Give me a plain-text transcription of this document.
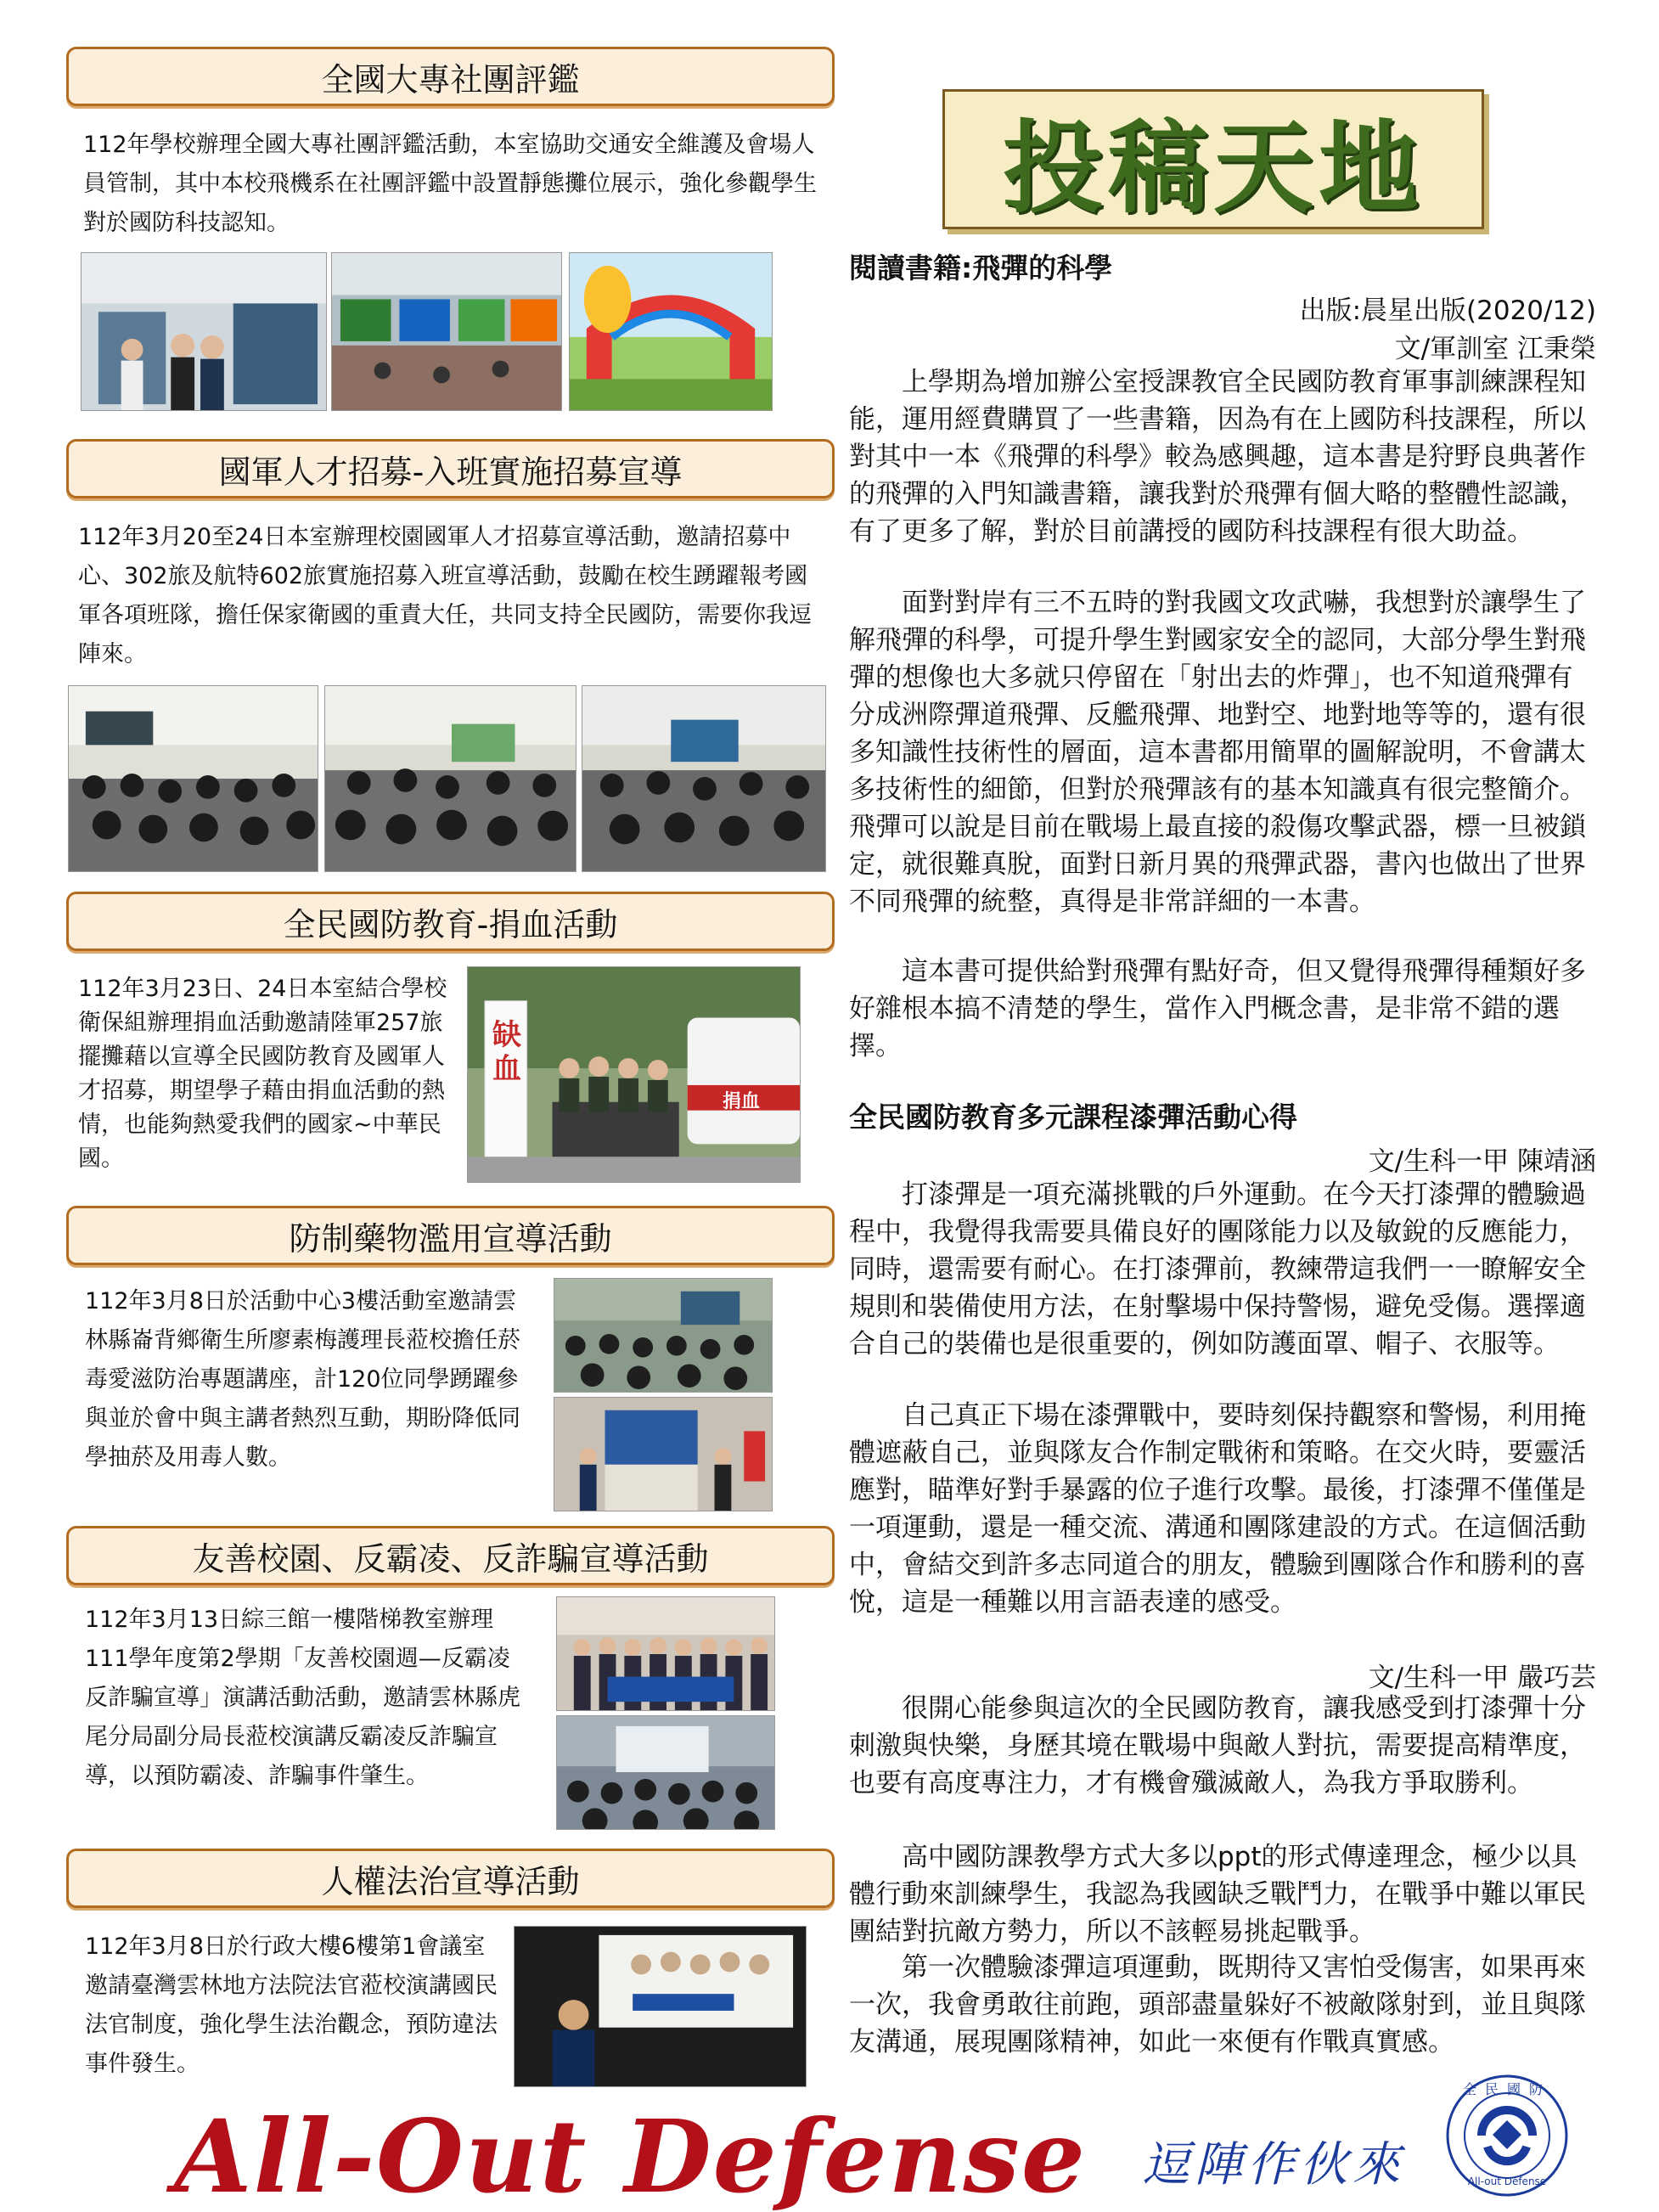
全國大專社團評鑑
112年學校辦理全國大專社團評鑑活動，本室協助交通安全維護及會場人員管制，其中本校飛機系在社團評鑑中設置靜態攤位展示，強化參觀學生對於國防科技認知。
國軍人才招募-入班實施招募宣導
112年3月20至24日本室辦理校園國軍人才招募宣導活動，邀請招募中心、302旅及航特602旅實施招募入班宣導活動，鼓勵在校生踴躍報考國軍各項班隊，擔任保家衛國的重責大任，共同支持全民國防，需要你我逗陣來。
全民國防教育-捐血活動
112年3月23日、24日本室結合學校衛保組辦理捐血活動邀請陸軍257旅擺攤藉以宣導全民國防教育及國軍人才招募，期望學子藉由捐血活動的熱情，也能夠熱愛我們的國家~中華民國。
缺血
捐血
防制藥物濫用宣導活動
112年3月8日於活動中心3樓活動室邀請雲林縣崙背鄉衛生所廖素梅護理長蒞校擔任菸毒愛滋防治專題講座，計120位同學踴躍參與並於會中與主講者熱烈互動，期盼降低同學抽菸及用毒人數。
友善校園、反霸凌、反詐騙宣導活動
112年3月13日綜三館一樓階梯教室辦理111學年度第2學期「友善校園週—反霸凌反詐騙宣導」演講活動活動，邀請雲林縣虎尾分局副分局長蒞校演講反霸凌反詐騙宣導，以預防霸凌、詐騙事件肇生。
人權法治宣導活動
112年3月8日於行政大樓6樓第1會議室邀請臺灣雲林地方法院法官蒞校演講國民法官制度，強化學生法治觀念，預防違法事件發生。
投稿天地
閱讀書籍:飛彈的科學
出版:晨星出版(2020/12)
文/軍訓室 江秉榮
上學期為增加辦公室授課教官全民國防教育軍事訓練課程知能，運用經費購買了一些書籍，因為有在上國防科技課程，所以對其中一本《飛彈的科學》較為感興趣，這本書是狩野良典著作的飛彈的入門知識書籍，讓我對於飛彈有個大略的整體性認識，有了更多了解，對於目前講授的國防科技課程有很大助益。
面對對岸有三不五時的對我國文攻武嚇，我想對於讓學生了解飛彈的科學，可提升學生對國家安全的認同，大部分學生對飛彈的想像也大多就只停留在「射出去的炸彈」，也不知道飛彈有分成洲際彈道飛彈、反艦飛彈、地對空、地對地等等的，還有很多知識性技術性的層面，這本書都用簡單的圖解說明，不會講太多技術性的細節，但對於飛彈該有的基本知識真有很完整簡介。飛彈可以說是目前在戰場上最直接的殺傷攻擊武器，標一旦被鎖定，就很難真脫，面對日新月異的飛彈武器，書內也做出了世界不同飛彈的統整，真得是非常詳細的一本書。
這本書可提供給對飛彈有點好奇，但又覺得飛彈得種類好多好雜根本搞不清楚的學生，當作入門概念書，是非常不錯的選擇。
全民國防教育多元課程漆彈活動心得
文/生科一甲 陳靖涵
打漆彈是一項充滿挑戰的戶外運動。在今天打漆彈的體驗過程中，我覺得我需要具備良好的團隊能力以及敏銳的反應能力，同時，還需要有耐心。在打漆彈前，教練帶這我們一一瞭解安全規則和裝備使用方法，在射擊場中保持警惕，避免受傷。選擇適合自己的裝備也是很重要的，例如防護面罩、帽子、衣服等。
自己真正下場在漆彈戰中，要時刻保持觀察和警惕，利用掩體遮蔽自己，並與隊友合作制定戰術和策略。在交火時，要靈活應對，瞄準好對手暴露的位子進行攻擊。最後，打漆彈不僅僅是一項運動，還是一種交流、溝通和團隊建設的方式。在這個活動中，會結交到許多志同道合的朋友，體驗到團隊合作和勝利的喜悅，這是一種難以用言語表達的感受。
文/生科一甲 嚴巧芸
很開心能參與這次的全民國防教育，讓我感受到打漆彈十分刺激與快樂，身歷其境在戰場中與敵人對抗，需要提高精準度，也要有高度專注力，才有機會殲滅敵人，為我方爭取勝利。
高中國防課教學方式大多以ppt的形式傳達理念，極少以具體行動來訓練學生，我認為我國缺乏戰鬥力，在戰爭中難以軍民團結對抗敵方勢力，所以不該輕易挑起戰爭。
第一次體驗漆彈這項運動，既期待又害怕受傷害，如果再來一次，我會勇敢往前跑，頭部盡量躲好不被敵隊射到，並且與隊友溝通，展現團隊精神，如此一來便有作戰真實感。
All-Out Defense 逗陣作伙來
全民國防
All-out Defense
